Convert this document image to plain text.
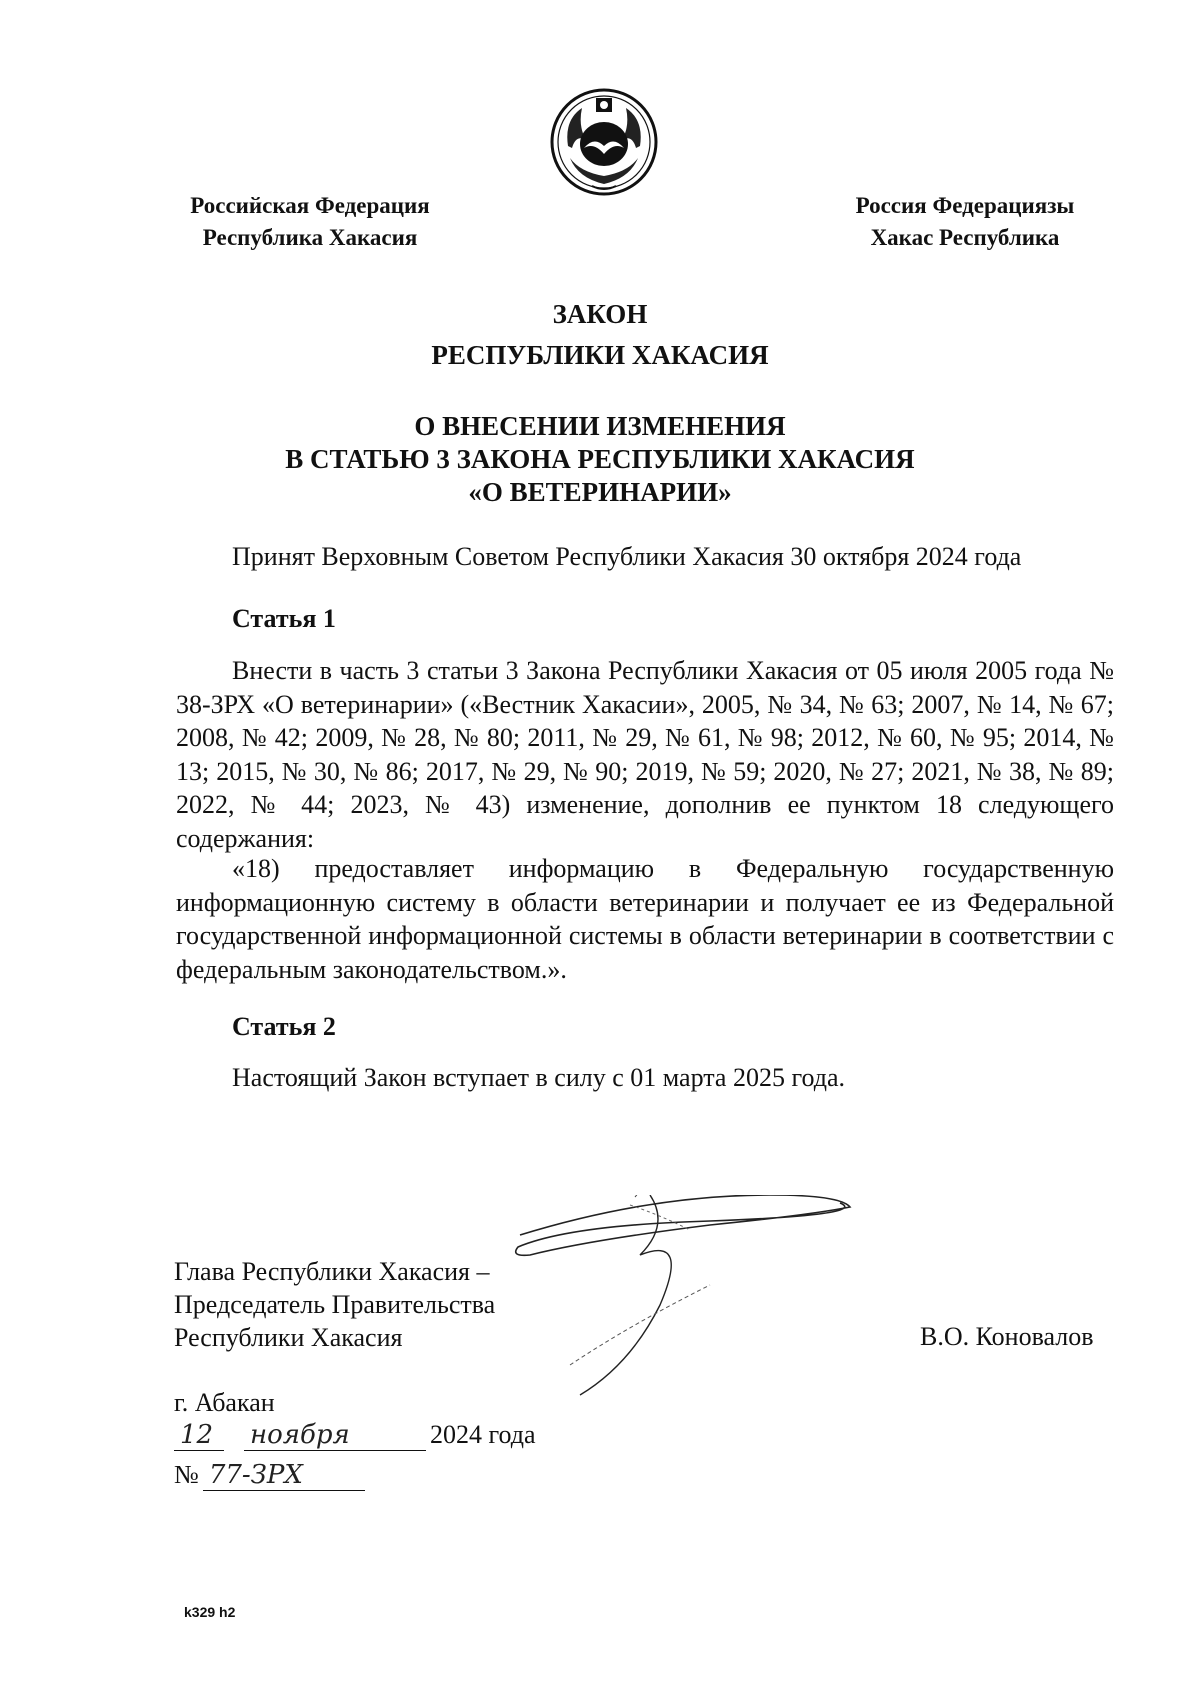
Российская Федерация
Республика Хакасия
Россия Федерациязы
Хакас Республика
ЗАКОН
РЕСПУБЛИКИ ХАКАСИЯ
О ВНЕСЕНИИ ИЗМЕНЕНИЯ
В СТАТЬЮ 3 ЗАКОНА РЕСПУБЛИКИ ХАКАСИЯ
«О ВЕТЕРИНАРИИ»
Принят Верховным Советом Республики Хакасия 30 октября 2024 года
Статья 1
Внести в часть 3 статьи 3 Закона Республики Хакасия от 05 июля 2005 года № 38-ЗРХ «О ветеринарии» («Вестник Хакасии», 2005, № 34, № 63; 2007, № 14, № 67; 2008, № 42; 2009, № 28, № 80; 2011, № 29, № 61, № 98; 2012, № 60, № 95; 2014, № 13; 2015, № 30, № 86; 2017, № 29, № 90; 2019, № 59; 2020, № 27; 2021, № 38, № 89; 2022, № 44; 2023, № 43) изменение, дополнив ее пунктом 18 следующего содержания:
«18) предоставляет информацию в Федеральную государственную информационную систему в области ветеринарии и получает ее из Федеральной государственной информационной системы в области ветеринарии в соответствии с федеральным законодательством.».
Статья 2
Настоящий Закон вступает в силу с 01 марта 2025 года.
Глава Республики Хакасия –
Председатель Правительства
Республики Хакасия	В.О. Коновалов
г. Абакан
12 ноября	2024 года
№ 77-ЗРХ
k329 h2
